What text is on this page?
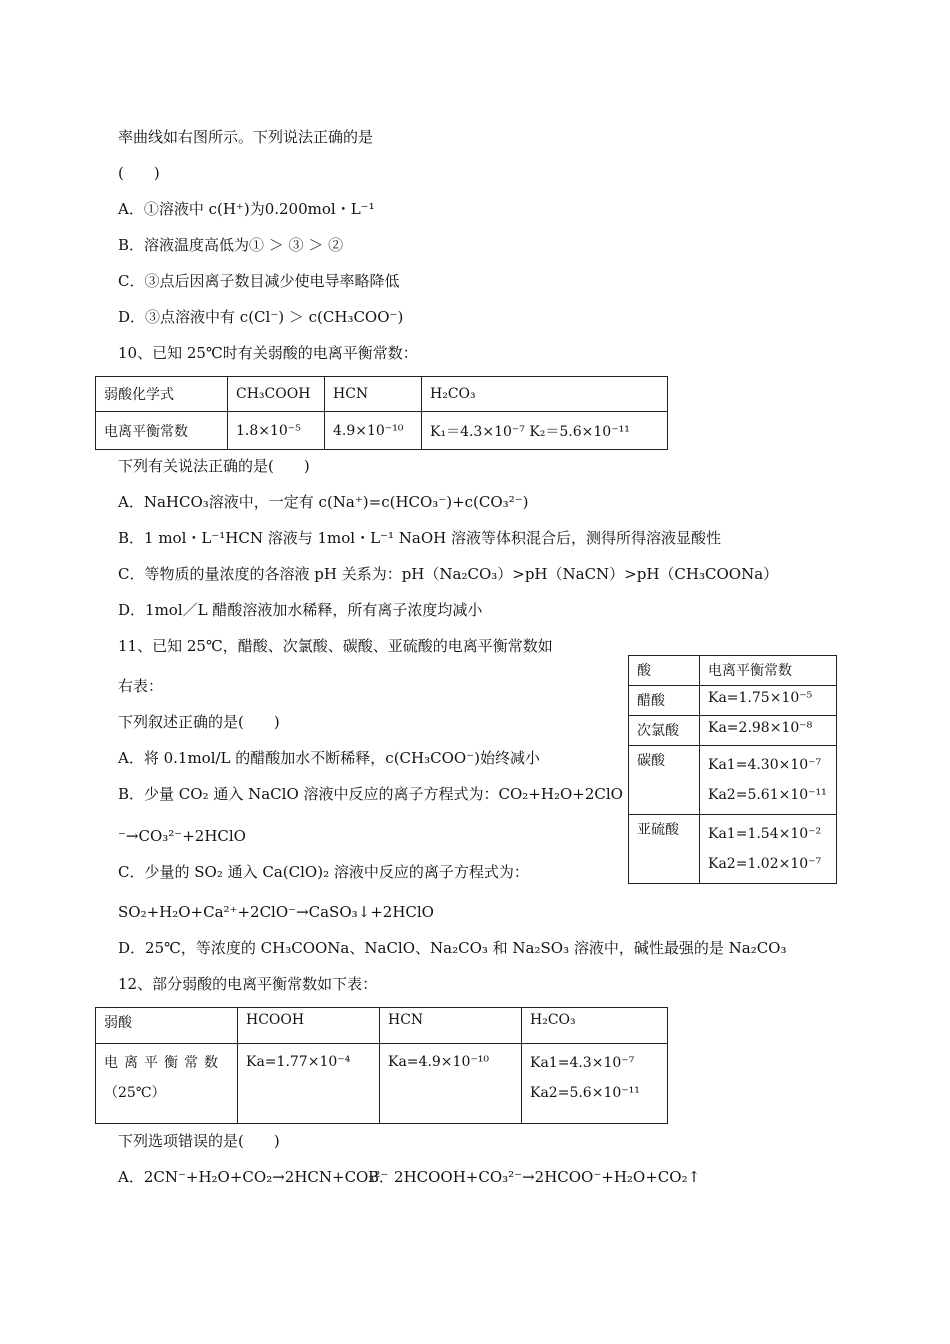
率曲线如右图所示。下列说法正确的是
(　　)
A．①溶液中 c(H⁺)为0.200mol・L⁻¹
B．溶液温度高低为① ＞ ③ ＞ ②
C．③点后因离子数目减少使电导率略降低
D．③点溶液中有 c(Cl⁻) ＞ c(CH₃COO⁻)
10、已知 25℃时有关弱酸的电离平衡常数：
弱酸化学式	CH₃COOH	HCN	H₂CO₃
电离平衡常数	1.8×10⁻⁵	4.9×10⁻¹⁰	K₁＝4.3×10⁻⁷ K₂＝5.6×10⁻¹¹
下列有关说法正确的是(　　)
A．NaHCO₃溶液中，一定有 c(Na⁺)=c(HCO₃⁻)+c(CO₃²⁻)
B．1 mol・L⁻¹HCN 溶液与 1mol・L⁻¹ NaOH 溶液等体积混合后，测得所得溶液显酸性
C．等物质的量浓度的各溶液 pH 关系为：pH（Na₂CO₃）>pH（NaCN）>pH（CH₃COONa）
D．1mol／L 醋酸溶液加水稀释，所有离子浓度均减小
11、已知 25℃，醋酸、次氯酸、碳酸、亚硫酸的电离平衡常数如
右表：
下列叙述正确的是(　　)
A．将 0.1mol/L 的醋酸加水不断稀释，c(CH₃COO⁻)始终减小
B．少量 CO₂ 通入 NaClO 溶液中反应的离子方程式为：CO₂+H₂O+2ClO
⁻→CO₃²⁻+2HClO
C．少量的 SO₂ 通入 Ca(ClO)₂ 溶液中反应的离子方程式为：
SO₂+H₂O+Ca²⁺+2ClO⁻→CaSO₃↓+2HClO
D．25℃，等浓度的 CH₃COONa、NaClO、Na₂CO₃ 和 Na₂SO₃ 溶液中，碱性最强的是 Na₂CO₃
酸	电离平衡常数
醋酸	Ka=1.75×10⁻⁵
次氯酸	Ka=2.98×10⁻⁸
碳酸	Ka1=4.30×10⁻⁷
Ka2=5.61×10⁻¹¹

亚硫酸	Ka1=1.54×10⁻²
Ka2=1.02×10⁻⁷
12、部分弱酸的电离平衡常数如下表：
弱酸	HCOOH	HCN	H₂CO₃

电离平衡常数
（25℃）	Ka=1.77×10⁻⁴	Ka=4.9×10⁻¹⁰	Ka1=4.3×10⁻⁷
Ka2=5.6×10⁻¹¹
下列选项错误的是(　　)
A．2CN⁻+H₂O+CO₂→2HCN+CO₃²⁻
B．2HCOOH+CO₃²⁻→2HCOO⁻+H₂O+CO₂↑
